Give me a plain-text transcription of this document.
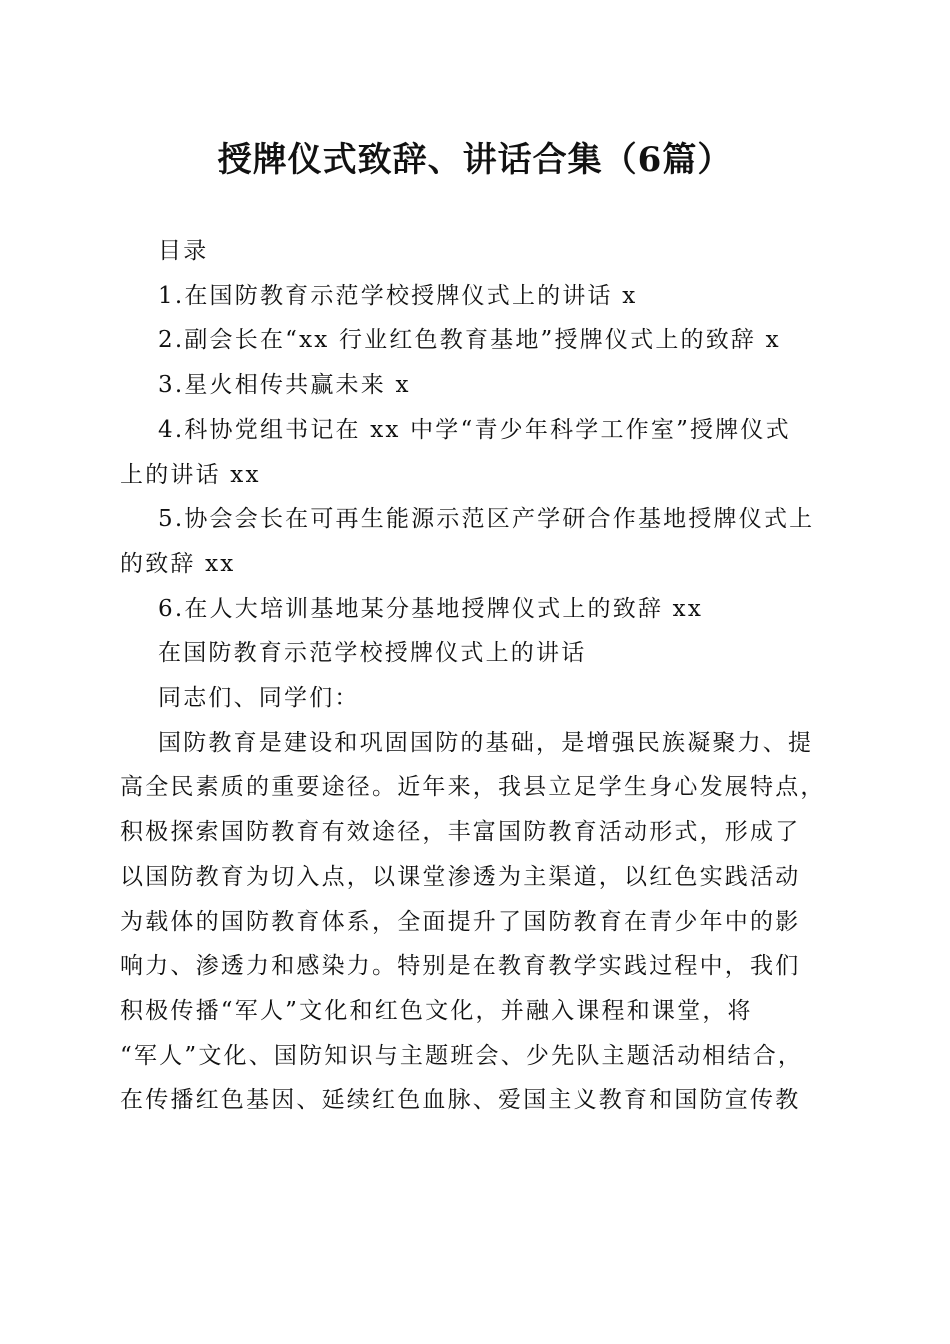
授牌仪式致辞、讲话合集（6篇）

目录

1.在国防教育示范学校授牌仪式上的讲话 x
2.副会长在“xx 行业红色教育基地”授牌仪式上的致辞 x
3.星火相传共赢未来 x
4.科协党组书记在 xx 中学“青少年科学工作室”授牌仪式
上的讲话 xx
5.协会会长在可再生能源示范区产学研合作基地授牌仪式上
的致辞 xx
6.在人大培训基地某分基地授牌仪式上的致辞 xx

在国防教育示范学校授牌仪式上的讲话

同志们、同学们：

国防教育是建设和巩固国防的基础，是增强民族凝聚力、提
高全民素质的重要途径。近年来，我县立足学生身心发展特点，
积极探索国防教育有效途径，丰富国防教育活动形式，形成了
以国防教育为切入点，以课堂渗透为主渠道，以红色实践活动
为载体的国防教育体系，全面提升了国防教育在青少年中的影
响力、渗透力和感染力。特别是在教育教学实践过程中，我们
积极传播“军人”文化和红色文化，并融入课程和课堂，将
“军人”文化、国防知识与主题班会、少先队主题活动相结合，
在传播红色基因、延续红色血脉、爱国主义教育和国防宣传教
